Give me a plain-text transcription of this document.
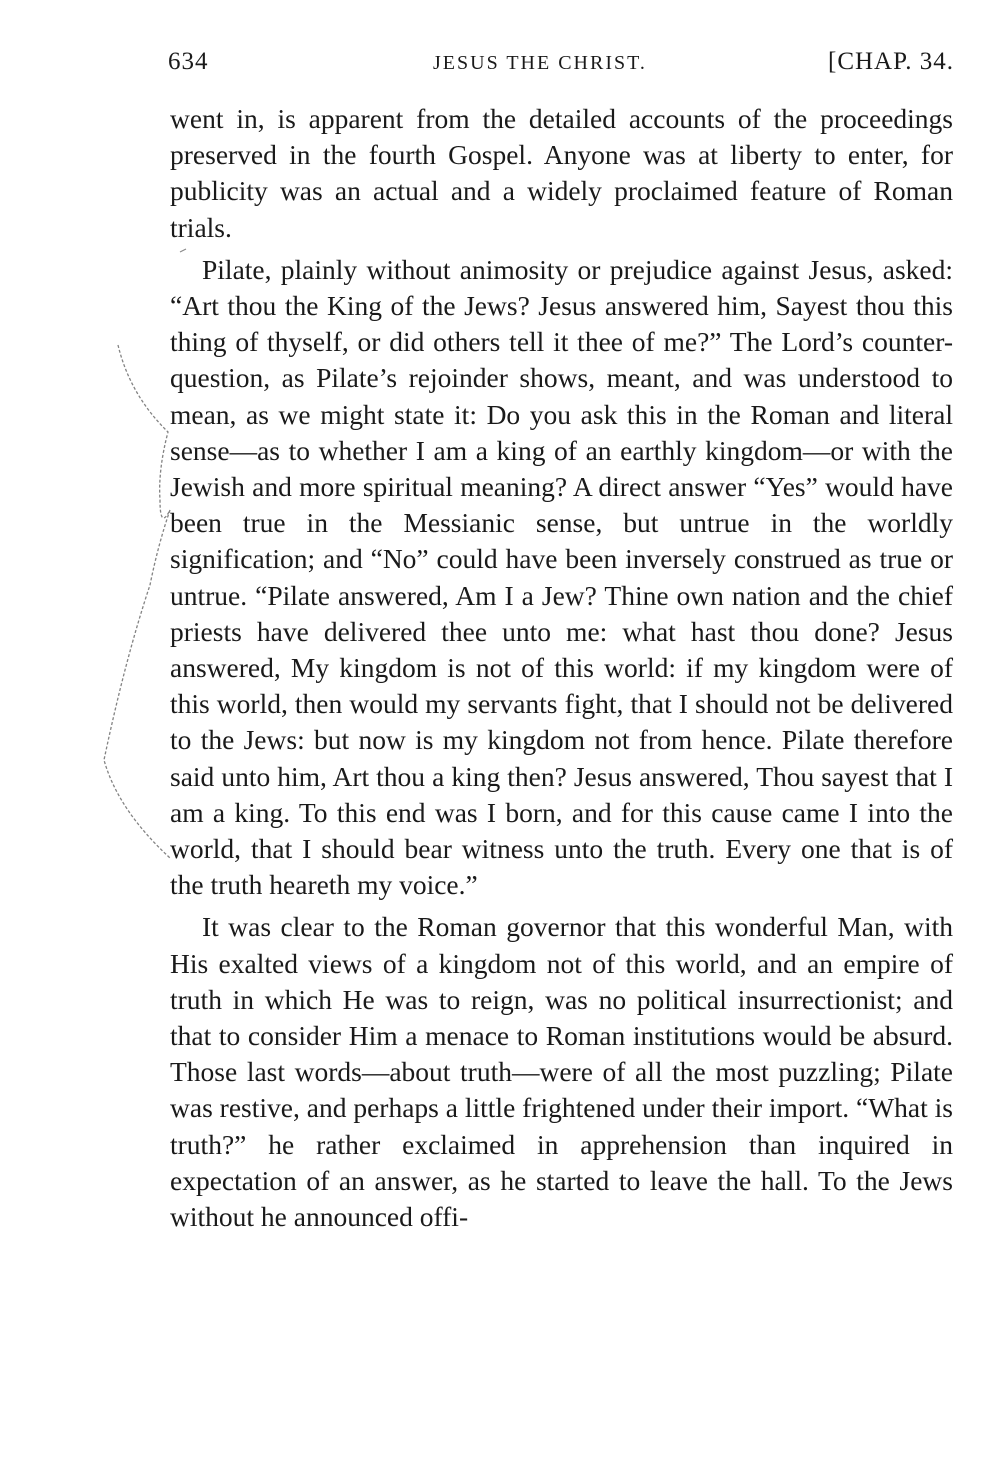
634	JESUS THE CHRIST.	[CHAP. 34.

went in, is apparent from the detailed accounts of the proceedings preserved in the fourth Gospel. Anyone was at liberty to enter, for publicity was an actual and a widely proclaimed feature of Roman trials.

Pilate, plainly without animosity or prejudice against Jesus, asked: “Art thou the King of the Jews? Jesus answered him, Sayest thou this thing of thyself, or did others tell it thee of me?” The Lord’s counter-question, as Pilate’s rejoinder shows, meant, and was understood to mean, as we might state it: Do you ask this in the Roman and literal sense—as to whether I am a king of an earthly kingdom—or with the Jewish and more spiritual meaning? A direct answer “Yes” would have been true in the Messianic sense, but untrue in the worldly signification; and “No” could have been inversely construed as true or untrue. “Pilate answered, Am I a Jew? Thine own nation and the chief priests have delivered thee unto me: what hast thou done? Jesus answered, My kingdom is not of this world: if my kingdom were of this world, then would my servants fight, that I should not be delivered to the Jews: but now is my kingdom not from hence. Pilate therefore said unto him, Art thou a king then? Jesus answered, Thou sayest that I am a king. To this end was I born, and for this cause came I into the world, that I should bear witness unto the truth. Every one that is of the truth heareth my voice.”

It was clear to the Roman governor that this wonderful Man, with His exalted views of a kingdom not of this world, and an empire of truth in which He was to reign, was no political insurrectionist; and that to consider Him a menace to Roman institutions would be absurd. Those last words—about truth—were of all the most puzzling; Pilate was restive, and perhaps a little frightened under their import. “What is truth?” he rather exclaimed in apprehension than inquired in expectation of an answer, as he started to leave the hall. To the Jews without he announced offi-
